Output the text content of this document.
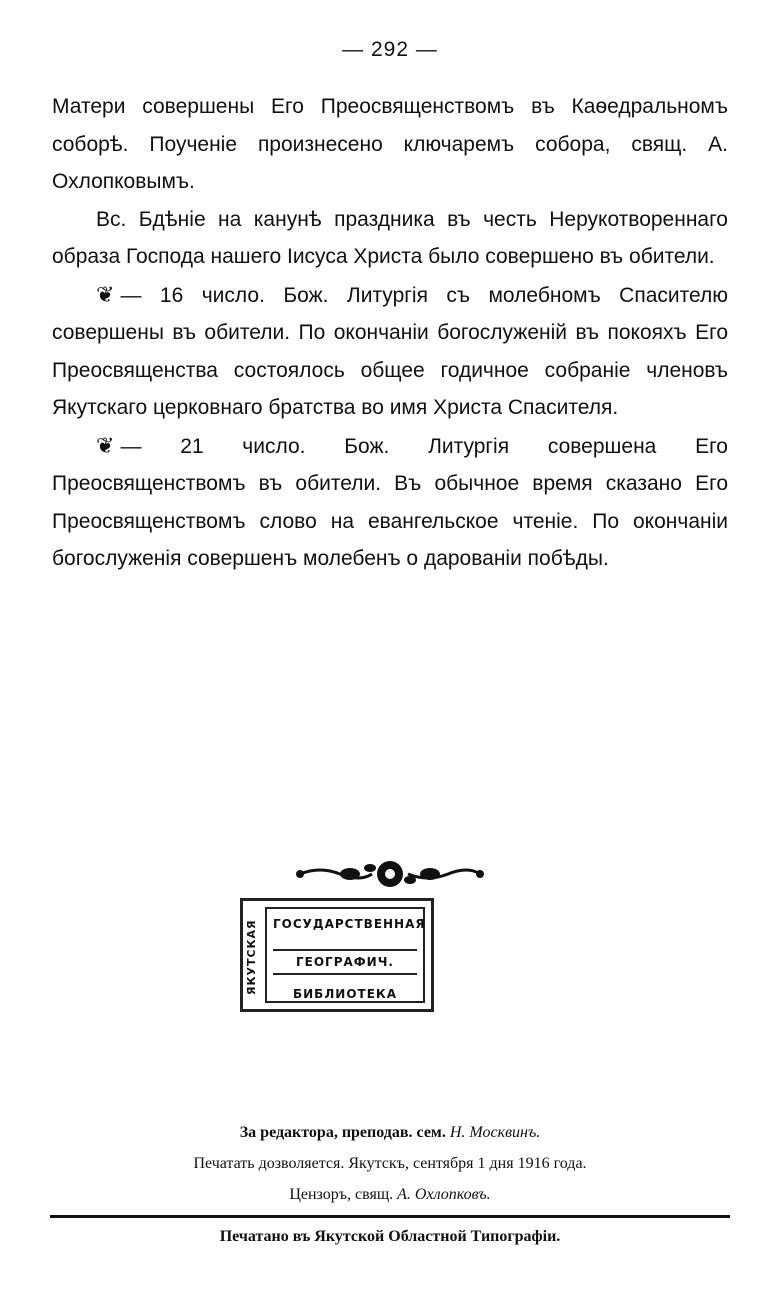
— 292 —

Матери совершены Его Преосвященствомъ въ Каѳедральномъ соборѣ. Поученіе произнесено ключаремъ собора, свящ. А. Охлопковымъ.

Вс. Бдѣніе на канунѣ праздника въ честь Нерукотвореннаго образа Господа нашего Іисуса Христа было совершено въ обители.

❦ — 16 число. Бож. Литургія съ молебномъ Спасителю совершены въ обители. По окончаніи богослуженій въ покояхъ Его Преосвященства состоялось общее годичное собраніе членовъ Якутскаго церковнаго братства во имя Христа Спасителя.

❦ — 21 число. Бож. Литургія совершена Его Преосвященствомъ въ обители. Въ обычное время сказано Его Преосвященствомъ слово на евангельское чтеніе. По окончаніи богослуженія совершенъ молебенъ о дарованіи побѣды.

ЯКУТСКАЯ ГОСУДАРСТВЕННАЯ
ГЕОГРАФИЧ.
БИБЛИОТЕКА
За редактора, преподав. сем. Н. Москвинъ.
Печатать дозволяется. Якутскъ, сентября 1 дня 1916 года.
Цензоръ, свящ. А. Охлопковъ.
Печатано въ Якутской Областной Типографіи.
